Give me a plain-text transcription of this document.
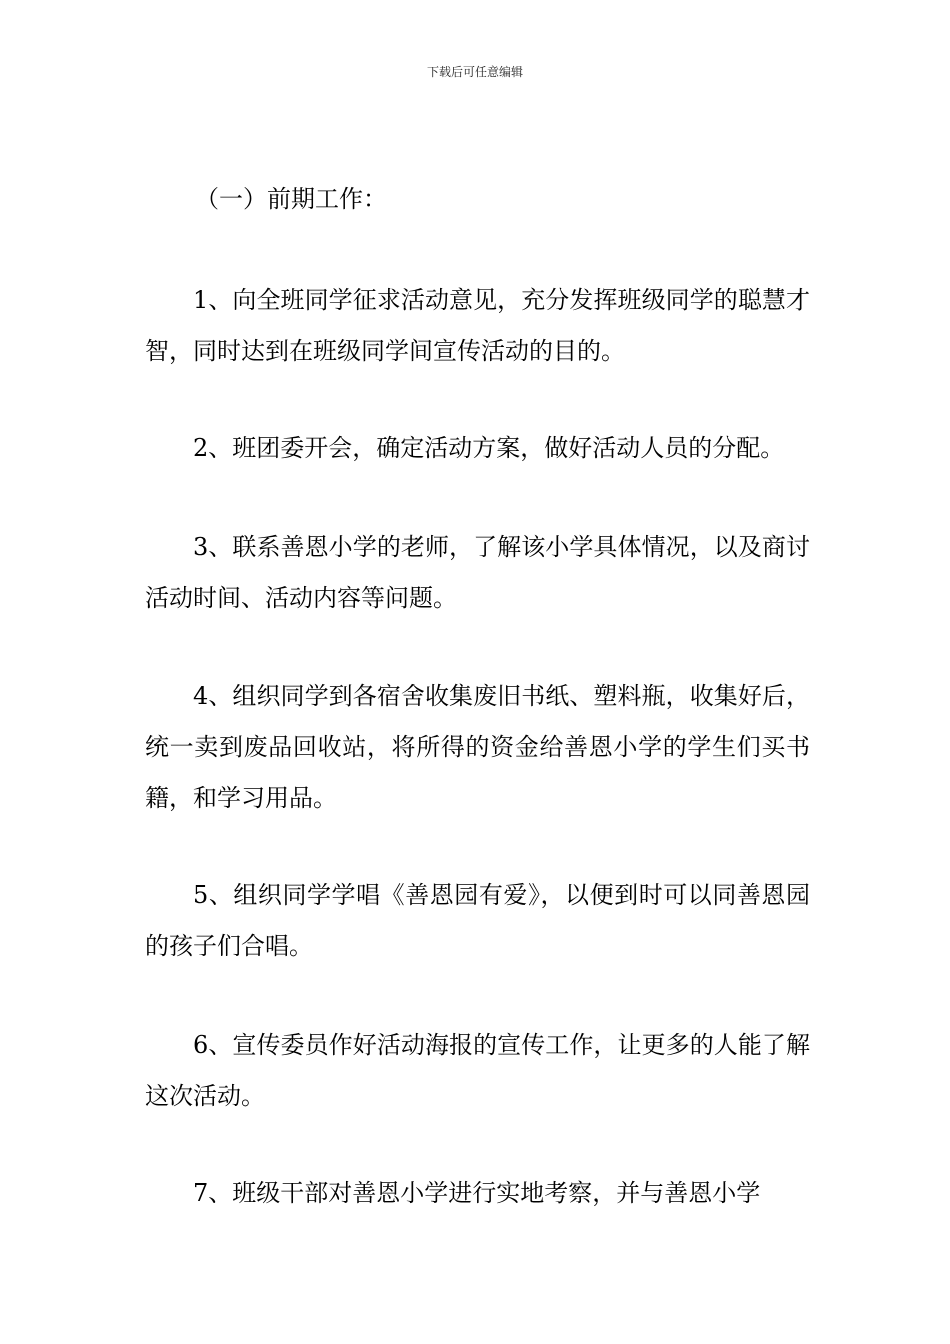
下载后可任意编辑
（一）前期工作：

1、向全班同学征求活动意见，充分发挥班级同学的聪慧才智，同时达到在班级同学间宣传活动的目的。

2、班团委开会，确定活动方案，做好活动人员的分配。

3、联系善恩小学的老师，了解该小学具体情况，以及商讨活动时间、活动内容等问题。

4、组织同学到各宿舍收集废旧书纸、塑料瓶，收集好后，统一卖到废品回收站，将所得的资金给善恩小学的学生们买书籍，和学习用品。

5、组织同学学唱《善恩园有爱》，以便到时可以同善恩园的孩子们合唱。

6、宣传委员作好活动海报的宣传工作，让更多的人能了解这次活动。

7、班级干部对善恩小学进行实地考察，并与善恩小学
